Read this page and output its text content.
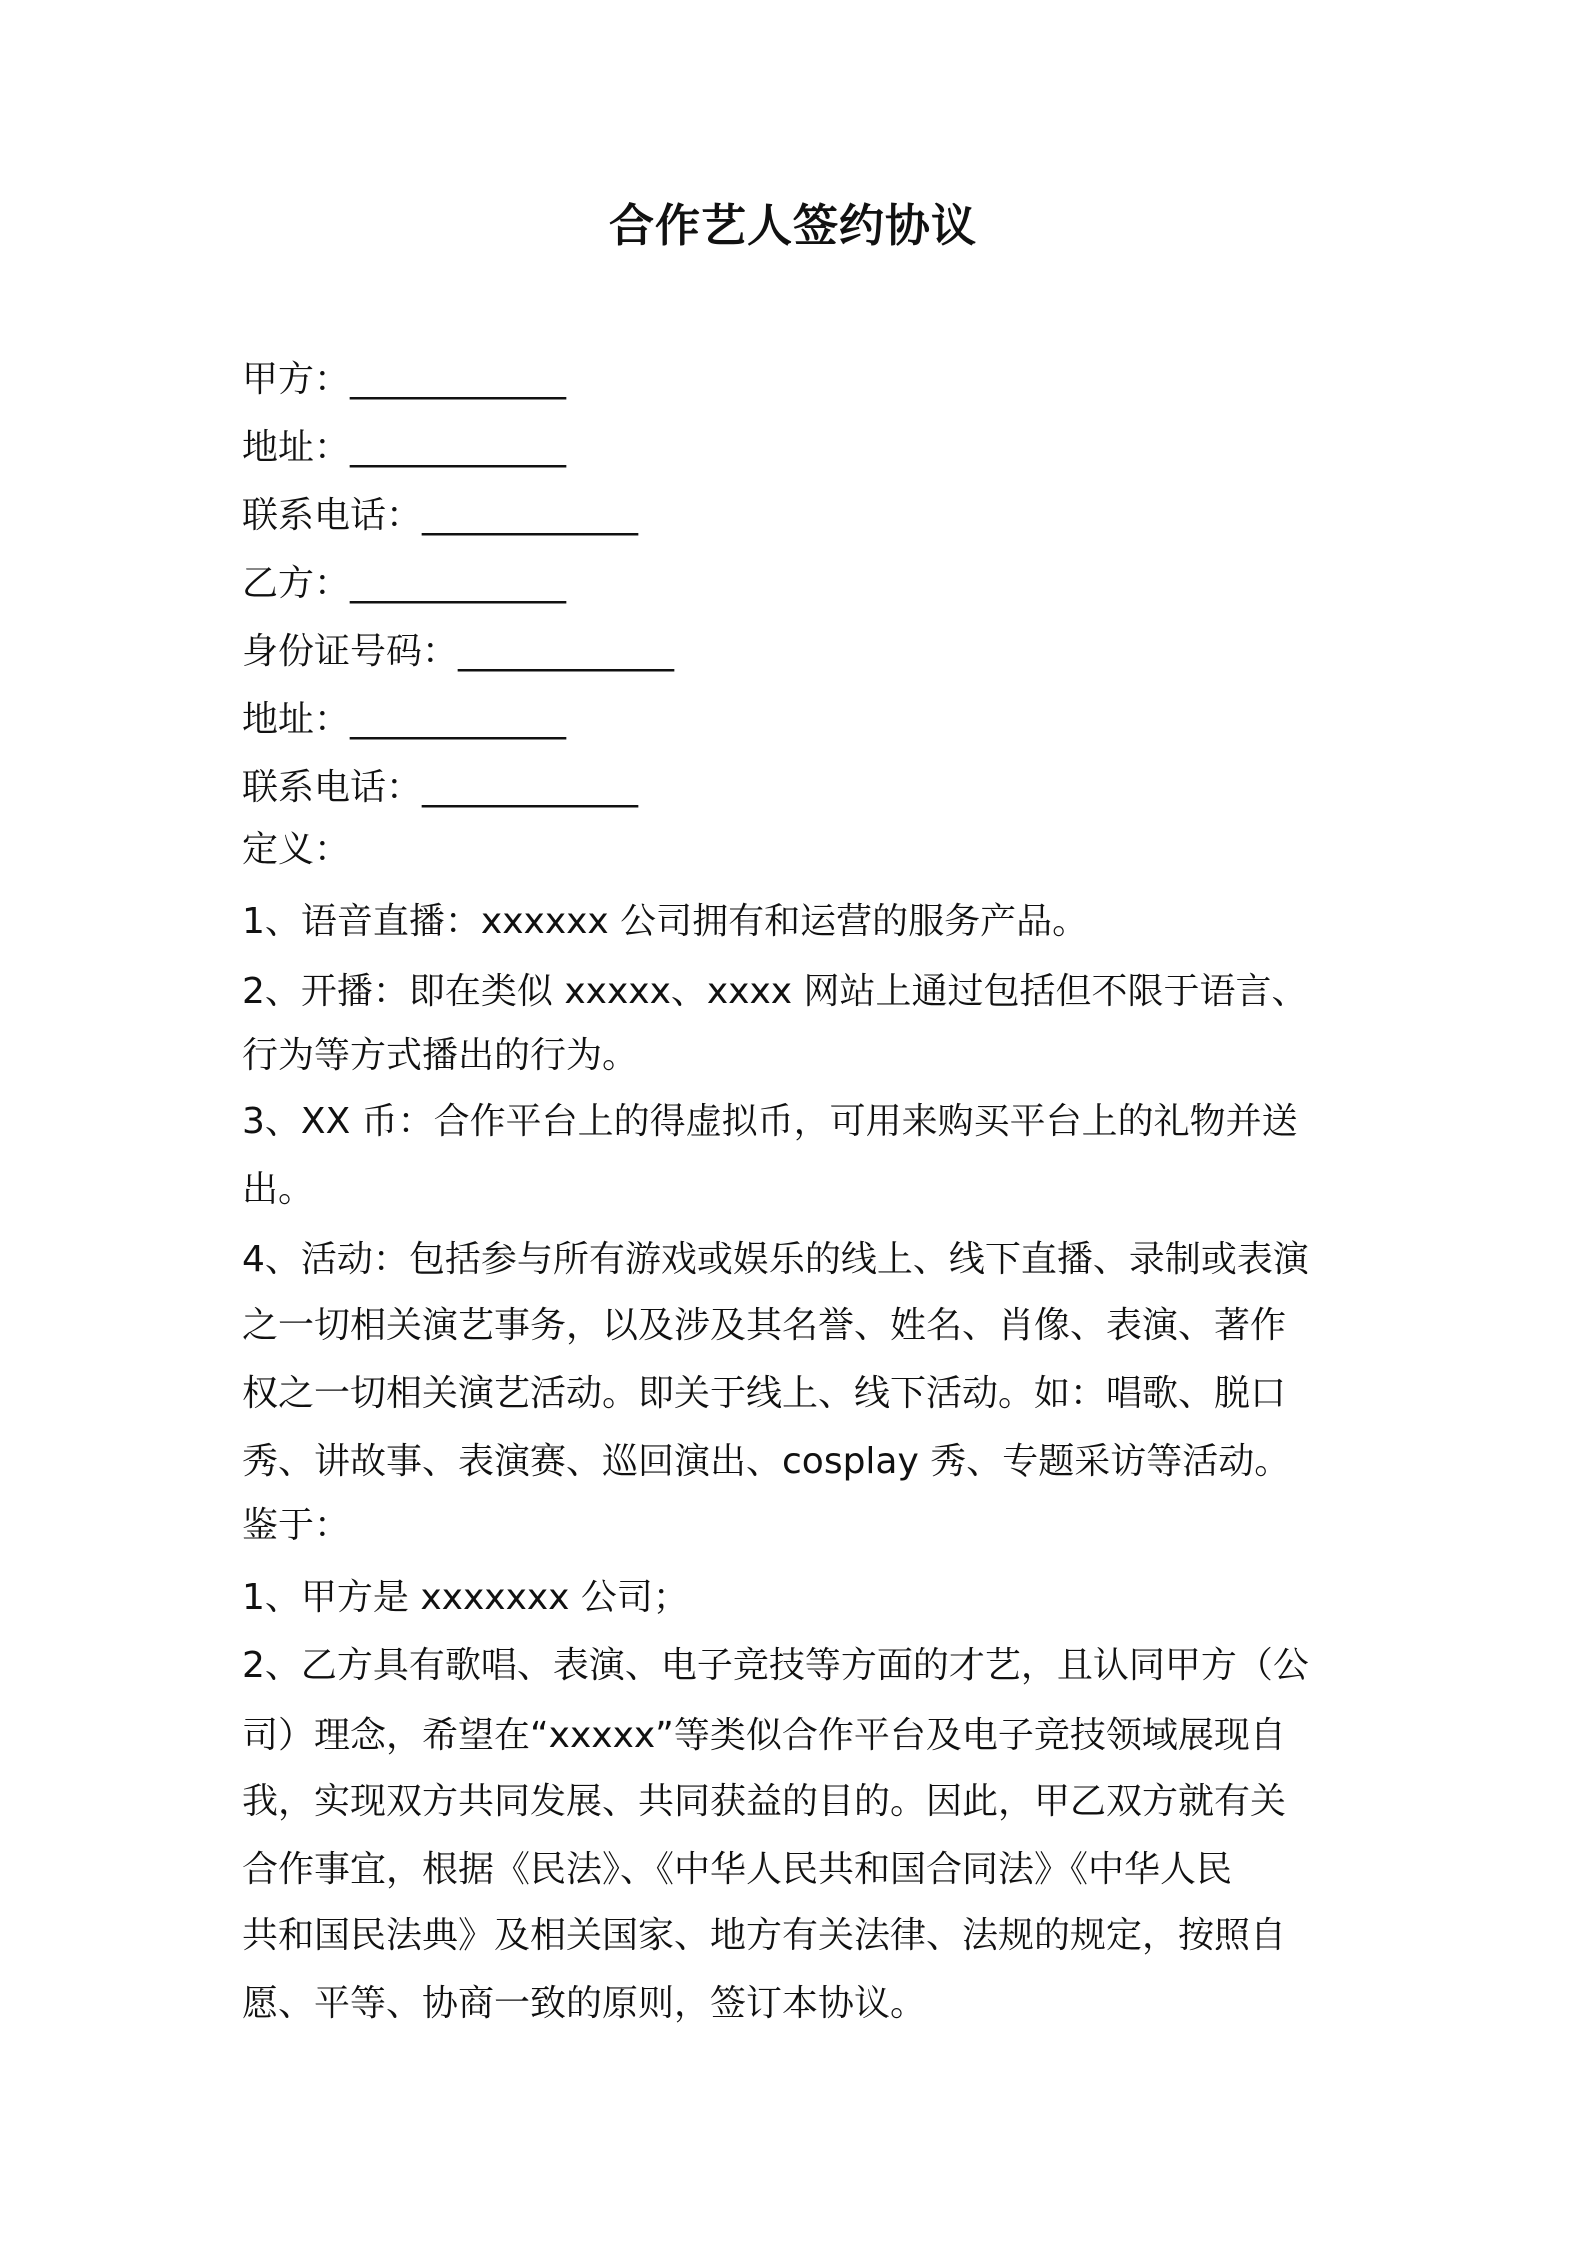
合作艺人签约协议
甲方：____________
地址：____________
联系电话：____________
乙方：____________
身份证号码：____________
地址：____________
联系电话：____________
定义：
1、语音直播：xxxxxx 公司拥有和运营的服务产品。
2、开播：即在类似 xxxxx、xxxx 网站上通过包括但不限于语言、
行为等方式播出的行为。
3、XX 币：合作平台上的得虚拟币，可用来购买平台上的礼物并送
出。
4、活动：包括参与所有游戏或娱乐的线上、线下直播、录制或表演
之一切相关演艺事务，以及涉及其名誉、姓名、肖像、表演、著作
权之一切相关演艺活动。即关于线上、线下活动。如：唱歌、脱口
秀、讲故事、表演赛、巡回演出、cosplay 秀、专题采访等活动。
鉴于：
1、甲方是 xxxxxxx 公司；
2、乙方具有歌唱、表演、电子竞技等方面的才艺，且认同甲方（公
司）理念，希望在“xxxxx”等类似合作平台及电子竞技领域展现自
我，实现双方共同发展、共同获益的目的。因此，甲乙双方就有关
合作事宜，根据《民法》、《中华人民共和国合同法》《中华人民
共和国民法典》及相关国家、地方有关法律、法规的规定，按照自
愿、平等、协商一致的原则，签订本协议。
